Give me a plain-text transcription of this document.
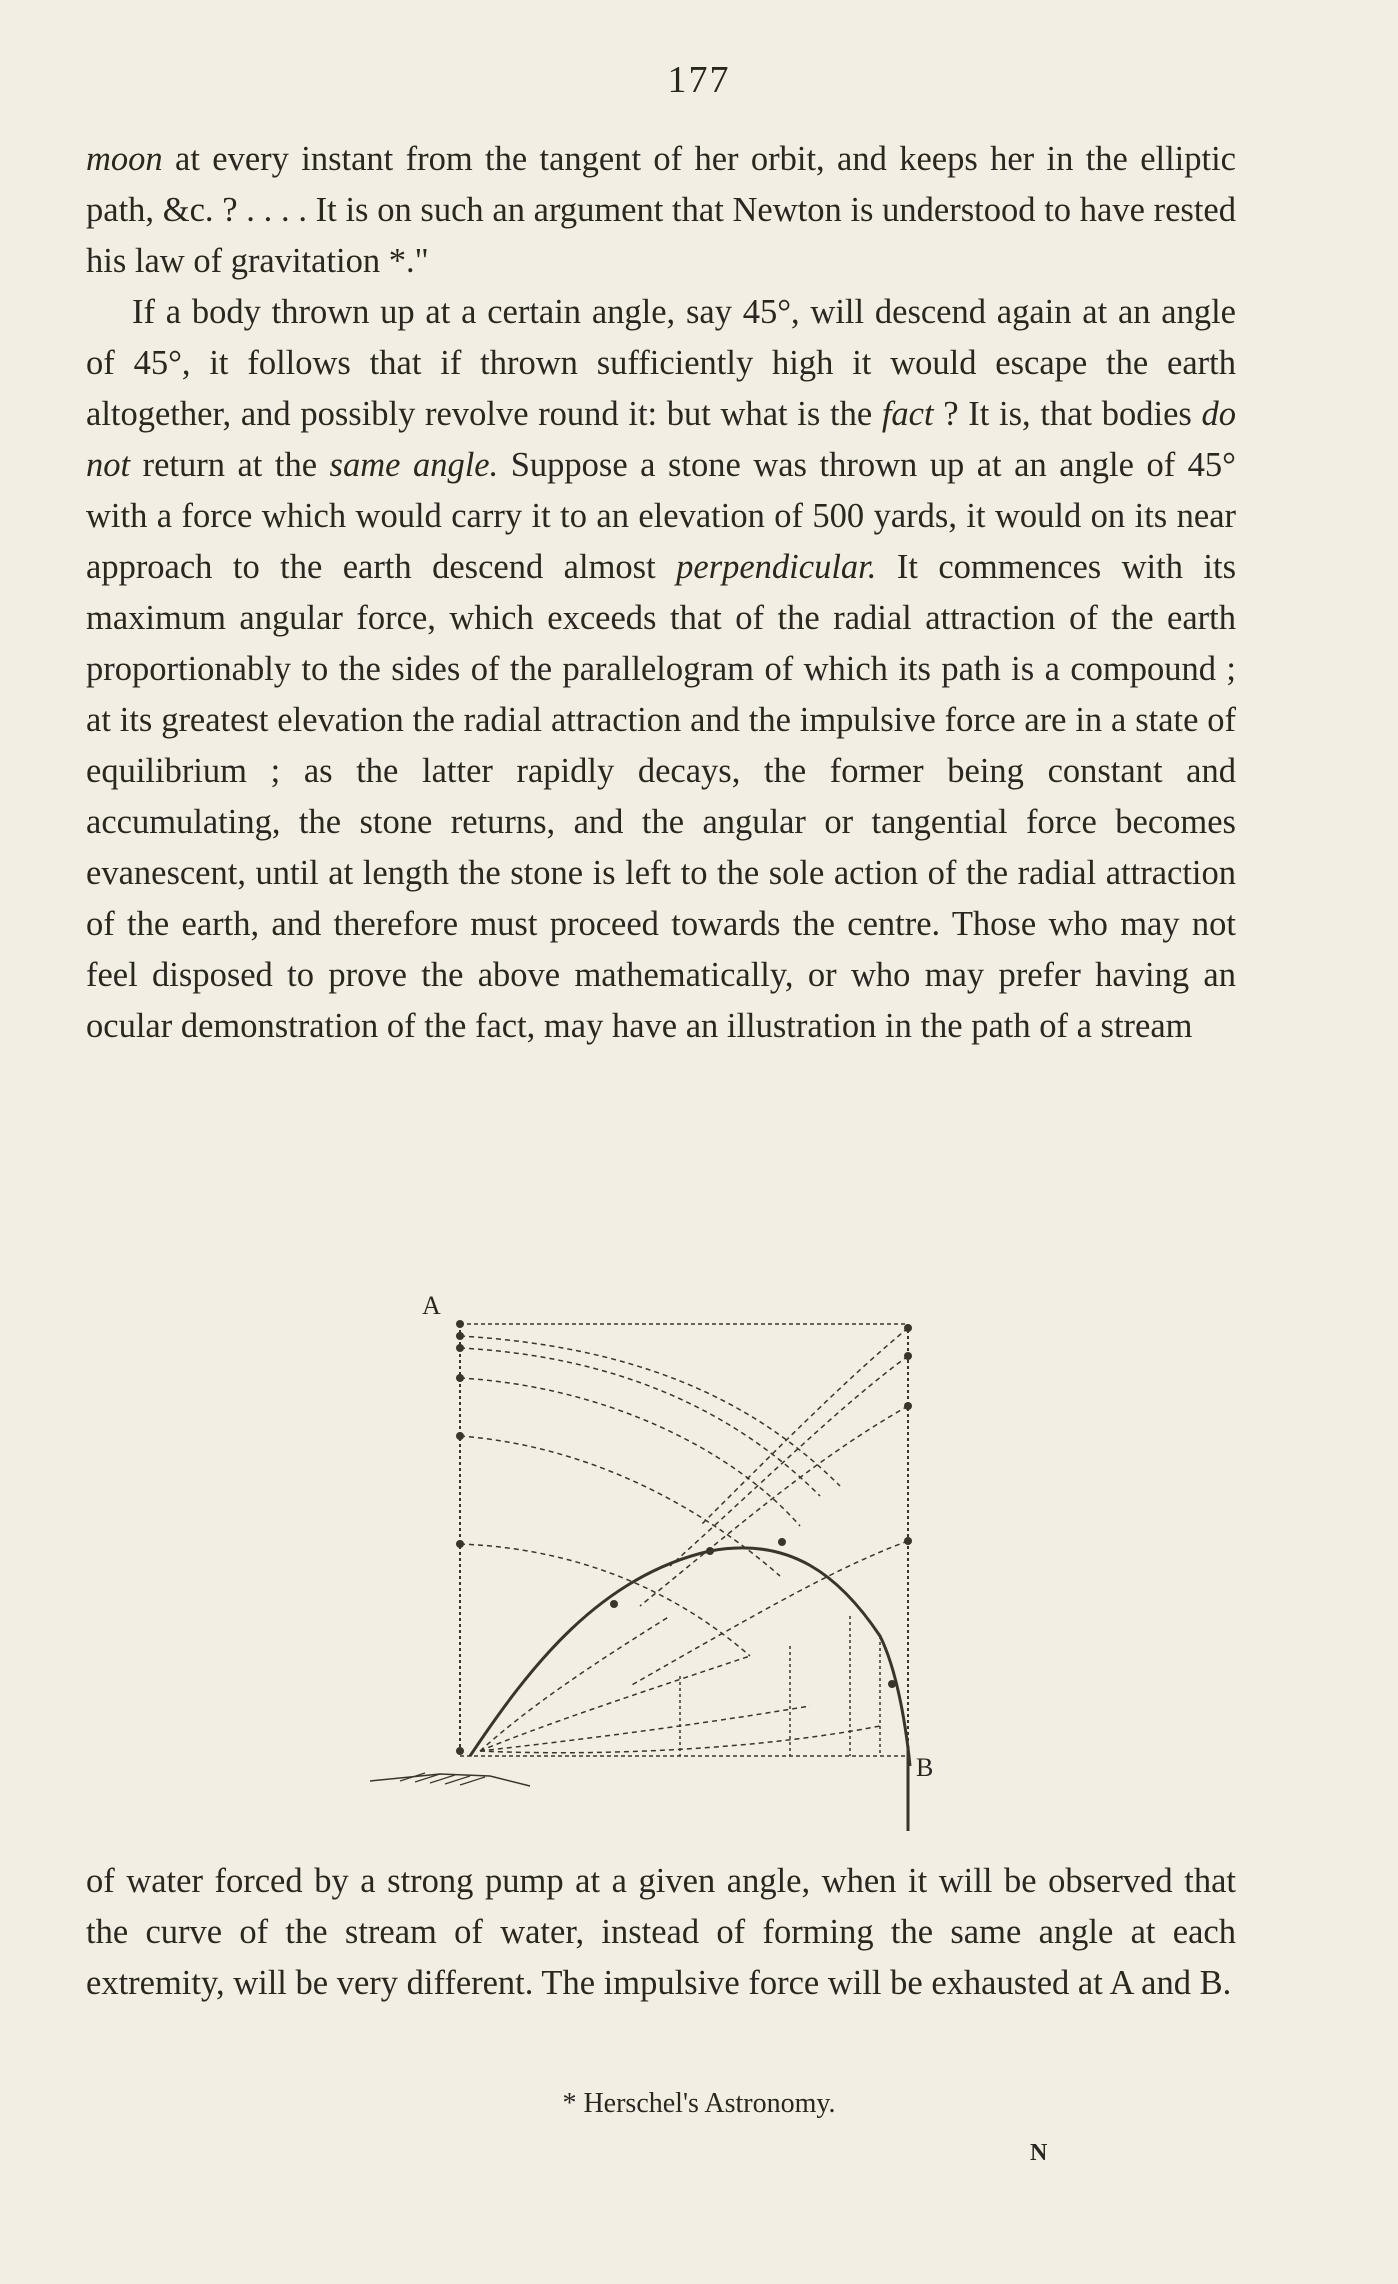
177

moon at every instant from the tangent of her orbit, and keeps her in the elliptic path, &c. ? . . . . It is on such an argument that Newton is understood to have rested his law of gravitation *."

If a body thrown up at a certain angle, say 45°, will descend again at an angle of 45°, it follows that if thrown sufficiently high it would escape the earth altogether, and possibly revolve round it: but what is the fact ? It is, that bodies do not return at the same angle. Suppose a stone was thrown up at an angle of 45° with a force which would carry it to an elevation of 500 yards, it would on its near approach to the earth descend almost perpendicular. It commences with its maximum angular force, which exceeds that of the radial attraction of the earth proportionably to the sides of the parallelogram of which its path is a compound ; at its greatest elevation the radial attraction and the impulsive force are in a state of equilibrium ; as the latter rapidly decays, the former being constant and accumulating, the stone returns, and the angular or tangential force becomes evanescent, until at length the stone is left to the sole action of the radial attraction of the earth, and therefore must proceed towards the centre. Those who may not feel disposed to prove the above mathematically, or who may prefer having an ocular demonstration of the fact, may have an illustration in the path of a stream

A
B

of water forced by a strong pump at a given angle, when it will be observed that the curve of the stream of water, instead of forming the same angle at each extremity, will be very different. The impulsive force will be exhausted at A and B.

* Herschel's Astronomy.
N
